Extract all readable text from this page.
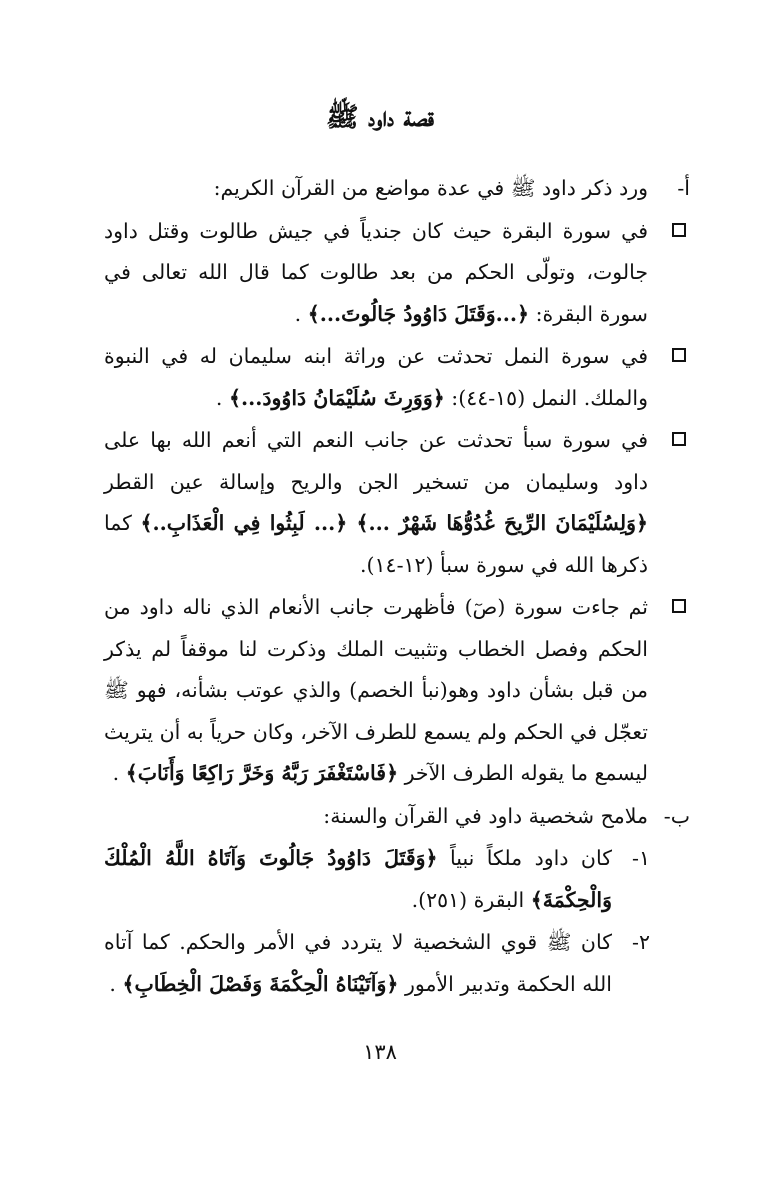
قصة داود ﷺ
أ-
ورد ذكر داود ﷺ في عدة مواضع من القرآن الكريم:
في سورة البقرة حيث كان جندياً في جيش طالوت وقتل داود جالوت، وتولّى الحكم من بعد طالوت كما قال الله تعالى في سورة البقرة: ﴿...وَقَتَلَ دَاوُودُ جَالُوتَ...﴾ .
في سورة النمل تحدثت عن وراثة ابنه سليمان له في النبوة والملك. النمل (١٥-٤٤): ﴿وَوَرِثَ سُلَيْمَانُ دَاوُودَ...﴾ .
في سورة سبأ تحدثت عن جانب النعم التي أنعم الله بها على داود وسليمان من تسخير الجن والريح وإسالة عين القطر ﴿وَلِسُلَيْمَانَ الرِّيحَ غُدُوُّهَا شَهْرٌ ...﴾ ﴿... لَبِثُوا فِي الْعَذَابِ..﴾ كما ذكرها الله في سورة سبأ (١٢-١٤).
ثم جاءت سورة (صٓ) فأظهرت جانب الأنعام الذي ناله داود من الحكم وفصل الخطاب وتثبيت الملك وذكرت لنا موقفاً لم يذكر من قبل بشأن داود وهو(نبأ الخصم) والذي عوتب بشأنه، فهو ﷺ تعجّل في الحكم ولم يسمع للطرف الآخر، وكان حرياً به أن يتريث ليسمع ما يقوله الطرف الآخر ﴿فَاسْتَغْفَرَ رَبَّهُ وَخَرَّ رَاكِعًا وَأَنَابَ﴾ .
ب-
ملامح شخصية داود في القرآن والسنة:
١-
كان داود ملكاً نبياً ﴿وَقَتَلَ دَاوُودُ جَالُوتَ وَآتَاهُ اللَّهُ الْمُلْكَ وَالْحِكْمَةَ﴾ البقرة (٢٥١).
٢-
كان ﷺ قوي الشخصية لا يتردد في الأمر والحكم. كما آتاه الله الحكمة وتدبير الأمور ﴿وَآتَيْنَاهُ الْحِكْمَةَ وَفَصْلَ الْخِطَابِ﴾ .
١٣٨
